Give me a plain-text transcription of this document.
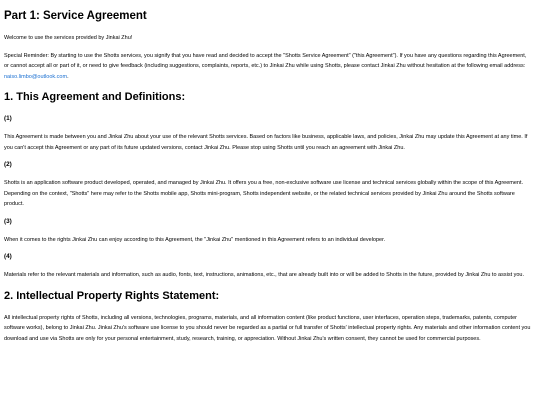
Part 1: Service Agreement

Welcome to use the services provided by Jinkai Zhu!

Special Reminder: By starting to use the Shotts services, you signify that you have read and decided to accept the "Shotts Service Agreement" ("this Agreement"). If you have any questions regarding this Agreement, or cannot accept all or part of it, or need to give feedback (including suggestions, complaints, reports, etc.) to Jinkai Zhu while using Shotts, please contact Jinkai Zhu without hesitation at the following email address: naiso.limbo@outlook.com.

1. This Agreement and Definitions:
(1)

This Agreement is made between you and Jinkai Zhu about your use of the relevant Shotts services. Based on factors like business, applicable laws, and policies, Jinkai Zhu may update this Agreement at any time. If you can't accept this Agreement or any part of its future updated versions, contact Jinkai Zhu. Please stop using Shotts until you reach an agreement with Jinkai Zhu.

(2)

Shotts is an application software product developed, operated, and managed by Jinkai Zhu. It offers you a free, non-exclusive software use license and technical services globally within the scope of this Agreement. Depending on the context, "Shotts" here may refer to the Shotts mobile app, Shotts mini-program, Shotts independent website, or the related technical services provided by Jinkai Zhu around the Shotts software product.

(3)

When it comes to the rights Jinkai Zhu can enjoy according to this Agreement, the "Jinkai Zhu" mentioned in this Agreement refers to an individual developer.

(4)

Materials refer to the relevant materials and information, such as audio, fonts, text, instructions, animations, etc., that are already built into or will be added to Shotts in the future, provided by Jinkai Zhu to assist you.

2. Intellectual Property Rights Statement:

All intellectual property rights of Shotts, including all versions, technologies, programs, materials, and all information content (like product functions, user interfaces, operation steps, trademarks, patents, computer software works), belong to Jinkai Zhu. Jinkai Zhu's software use license to you should never be regarded as a partial or full transfer of Shotts' intellectual property rights. Any materials and other information content you download and use via Shotts are only for your personal entertainment, study, research, training, or appreciation. Without Jinkai Zhu's written consent, they cannot be used for commercial purposes.
